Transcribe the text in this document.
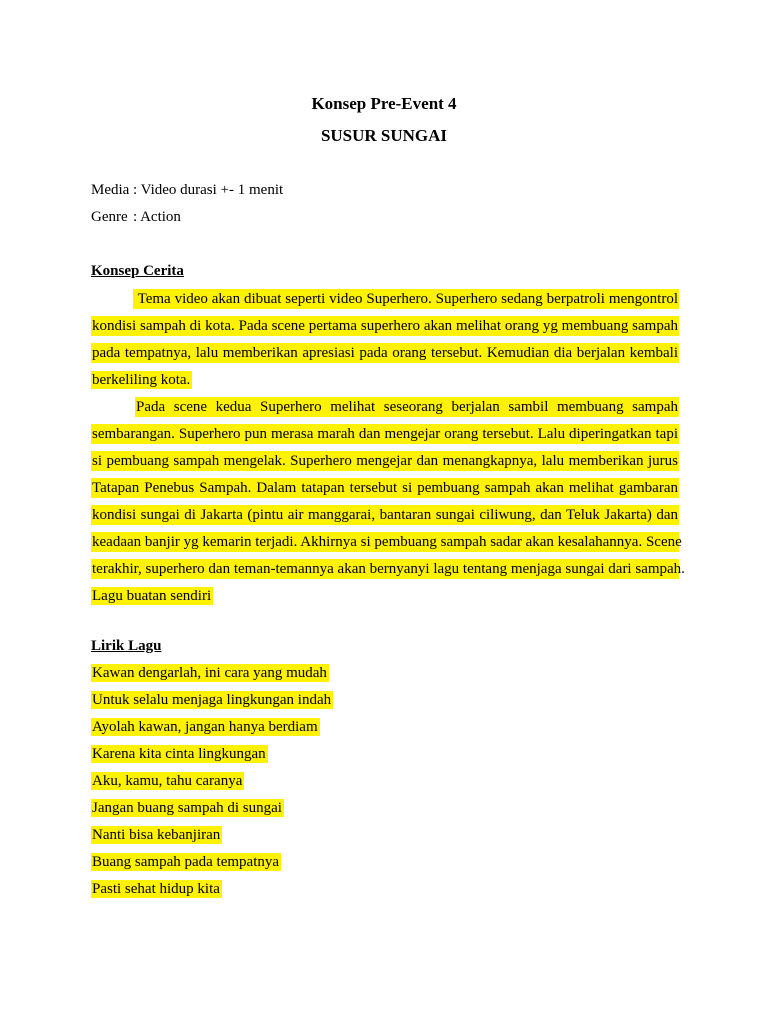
Konsep Pre-Event 4
SUSUR SUNGAI
Media : Video durasi +- 1 menit
Genre : Action
Konsep Cerita
Tema video akan dibuat seperti video Superhero. Superhero sedang berpatroli mengontrol
kondisi sampah di kota. Pada scene pertama superhero akan melihat orang yg membuang sampah
pada tempatnya, lalu memberikan apresiasi pada orang tersebut. Kemudian dia berjalan kembali
berkeliling kota.
Pada scene kedua Superhero melihat seseorang berjalan sambil membuang sampah
sembarangan. Superhero pun merasa marah dan mengejar orang tersebut. Lalu diperingatkan tapi
si pembuang sampah mengelak. Superhero mengejar dan menangkapnya, lalu memberikan jurus
Tatapan Penebus Sampah. Dalam tatapan tersebut si pembuang sampah akan melihat gambaran
kondisi sungai di Jakarta (pintu air manggarai, bantaran sungai ciliwung, dan Teluk Jakarta) dan
keadaan banjir yg kemarin terjadi. Akhirnya si pembuang sampah sadar akan kesalahannya. Scene
terakhir, superhero dan teman-temannya akan bernyanyi lagu tentang menjaga sungai dari sampah.
Lagu buatan sendiri
Lirik Lagu
Kawan dengarlah, ini cara yang mudah
Untuk selalu menjaga lingkungan indah
Ayolah kawan, jangan hanya berdiam
Karena kita cinta lingkungan
Aku, kamu, tahu caranya
Jangan buang sampah di sungai
Nanti bisa kebanjiran
Buang sampah pada tempatnya
Pasti sehat hidup kita
